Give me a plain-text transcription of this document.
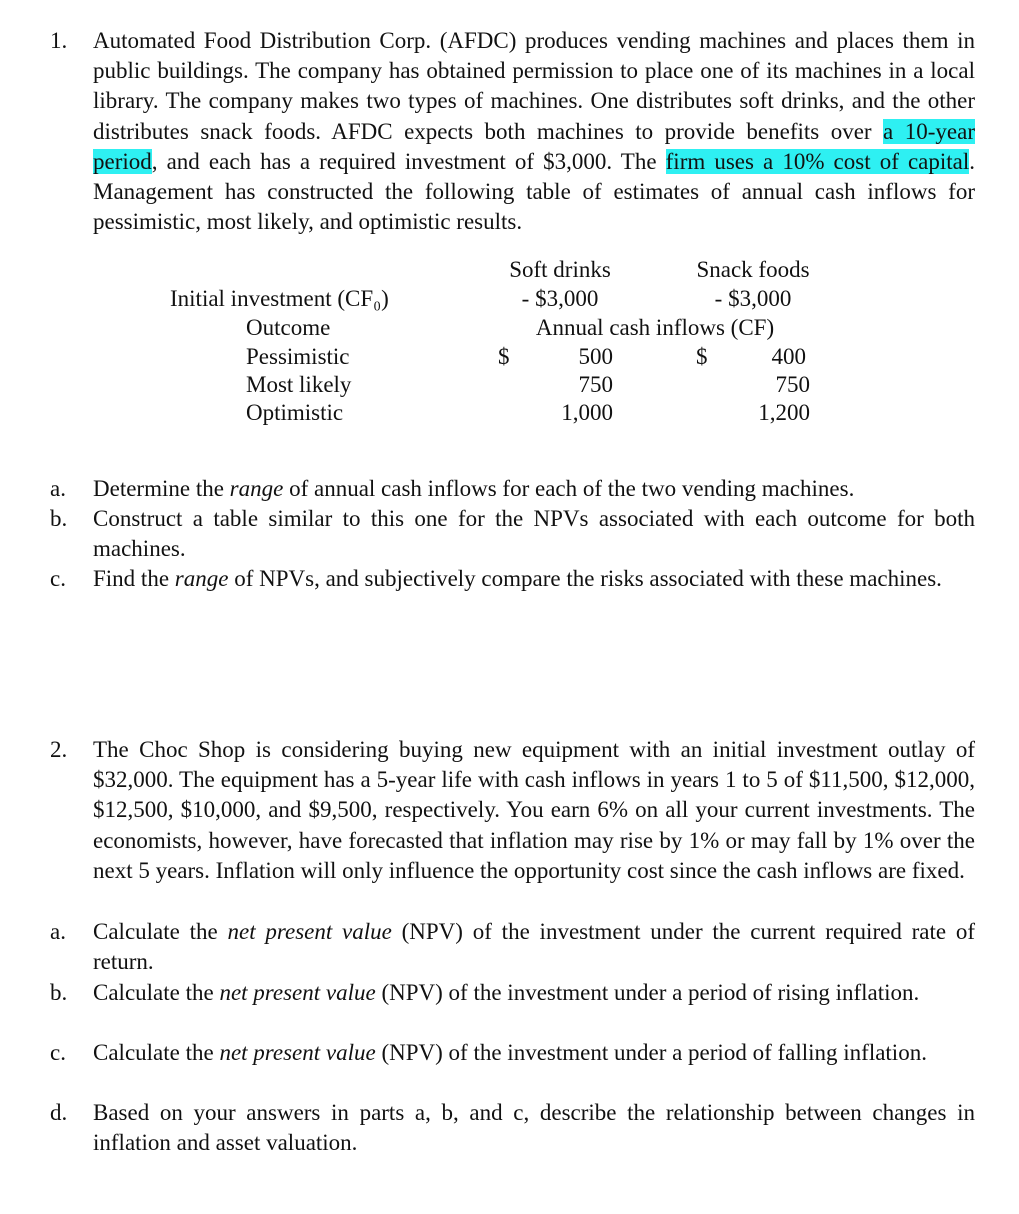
1.	Automated Food Distribution Corp. (AFDC) produces vending machines and places them in public buildings. The company has obtained permission to place one of its machines in a local library. The company makes two types of machines. One distributes soft drinks, and the other distributes snack foods. AFDC expects both machines to provide benefits over a 10-year period, and each has a required investment of $3,000. The firm uses a 10% cost of capital. Management has constructed the following table of estimates of annual cash inflows for pessimistic, most likely, and optimistic results.
Soft drinks	Snack foods
Initial investment (CF₀)	- $3,000	- $3,000
Outcome	Annual cash inflows (CF)
Pessimistic	$	500	$	400
Most likely	750	750
Optimistic	1,000	1,200
a.	Determine the range of annual cash inflows for each of the two vending machines.
b.	Construct a table similar to this one for the NPVs associated with each outcome for both machines.
c.	Find the range of NPVs, and subjectively compare the risks associated with these machines.
2.	The Choc Shop is considering buying new equipment with an initial investment outlay of $32,000. The equipment has a 5-year life with cash inflows in years 1 to 5 of $11,500, $12,000, $12,500, $10,000, and $9,500, respectively. You earn 6% on all your current investments. The economists, however, have forecasted that inflation may rise by 1% or may fall by 1% over the next 5 years. Inflation will only influence the opportunity cost since the cash inflows are fixed.
a.	Calculate the net present value (NPV) of the investment under the current required rate of return.
b.	Calculate the net present value (NPV) of the investment under a period of rising inflation.
c.	Calculate the net present value (NPV) of the investment under a period of falling inflation.
d.	Based on your answers in parts a, b, and c, describe the relationship between changes in inflation and asset valuation.
